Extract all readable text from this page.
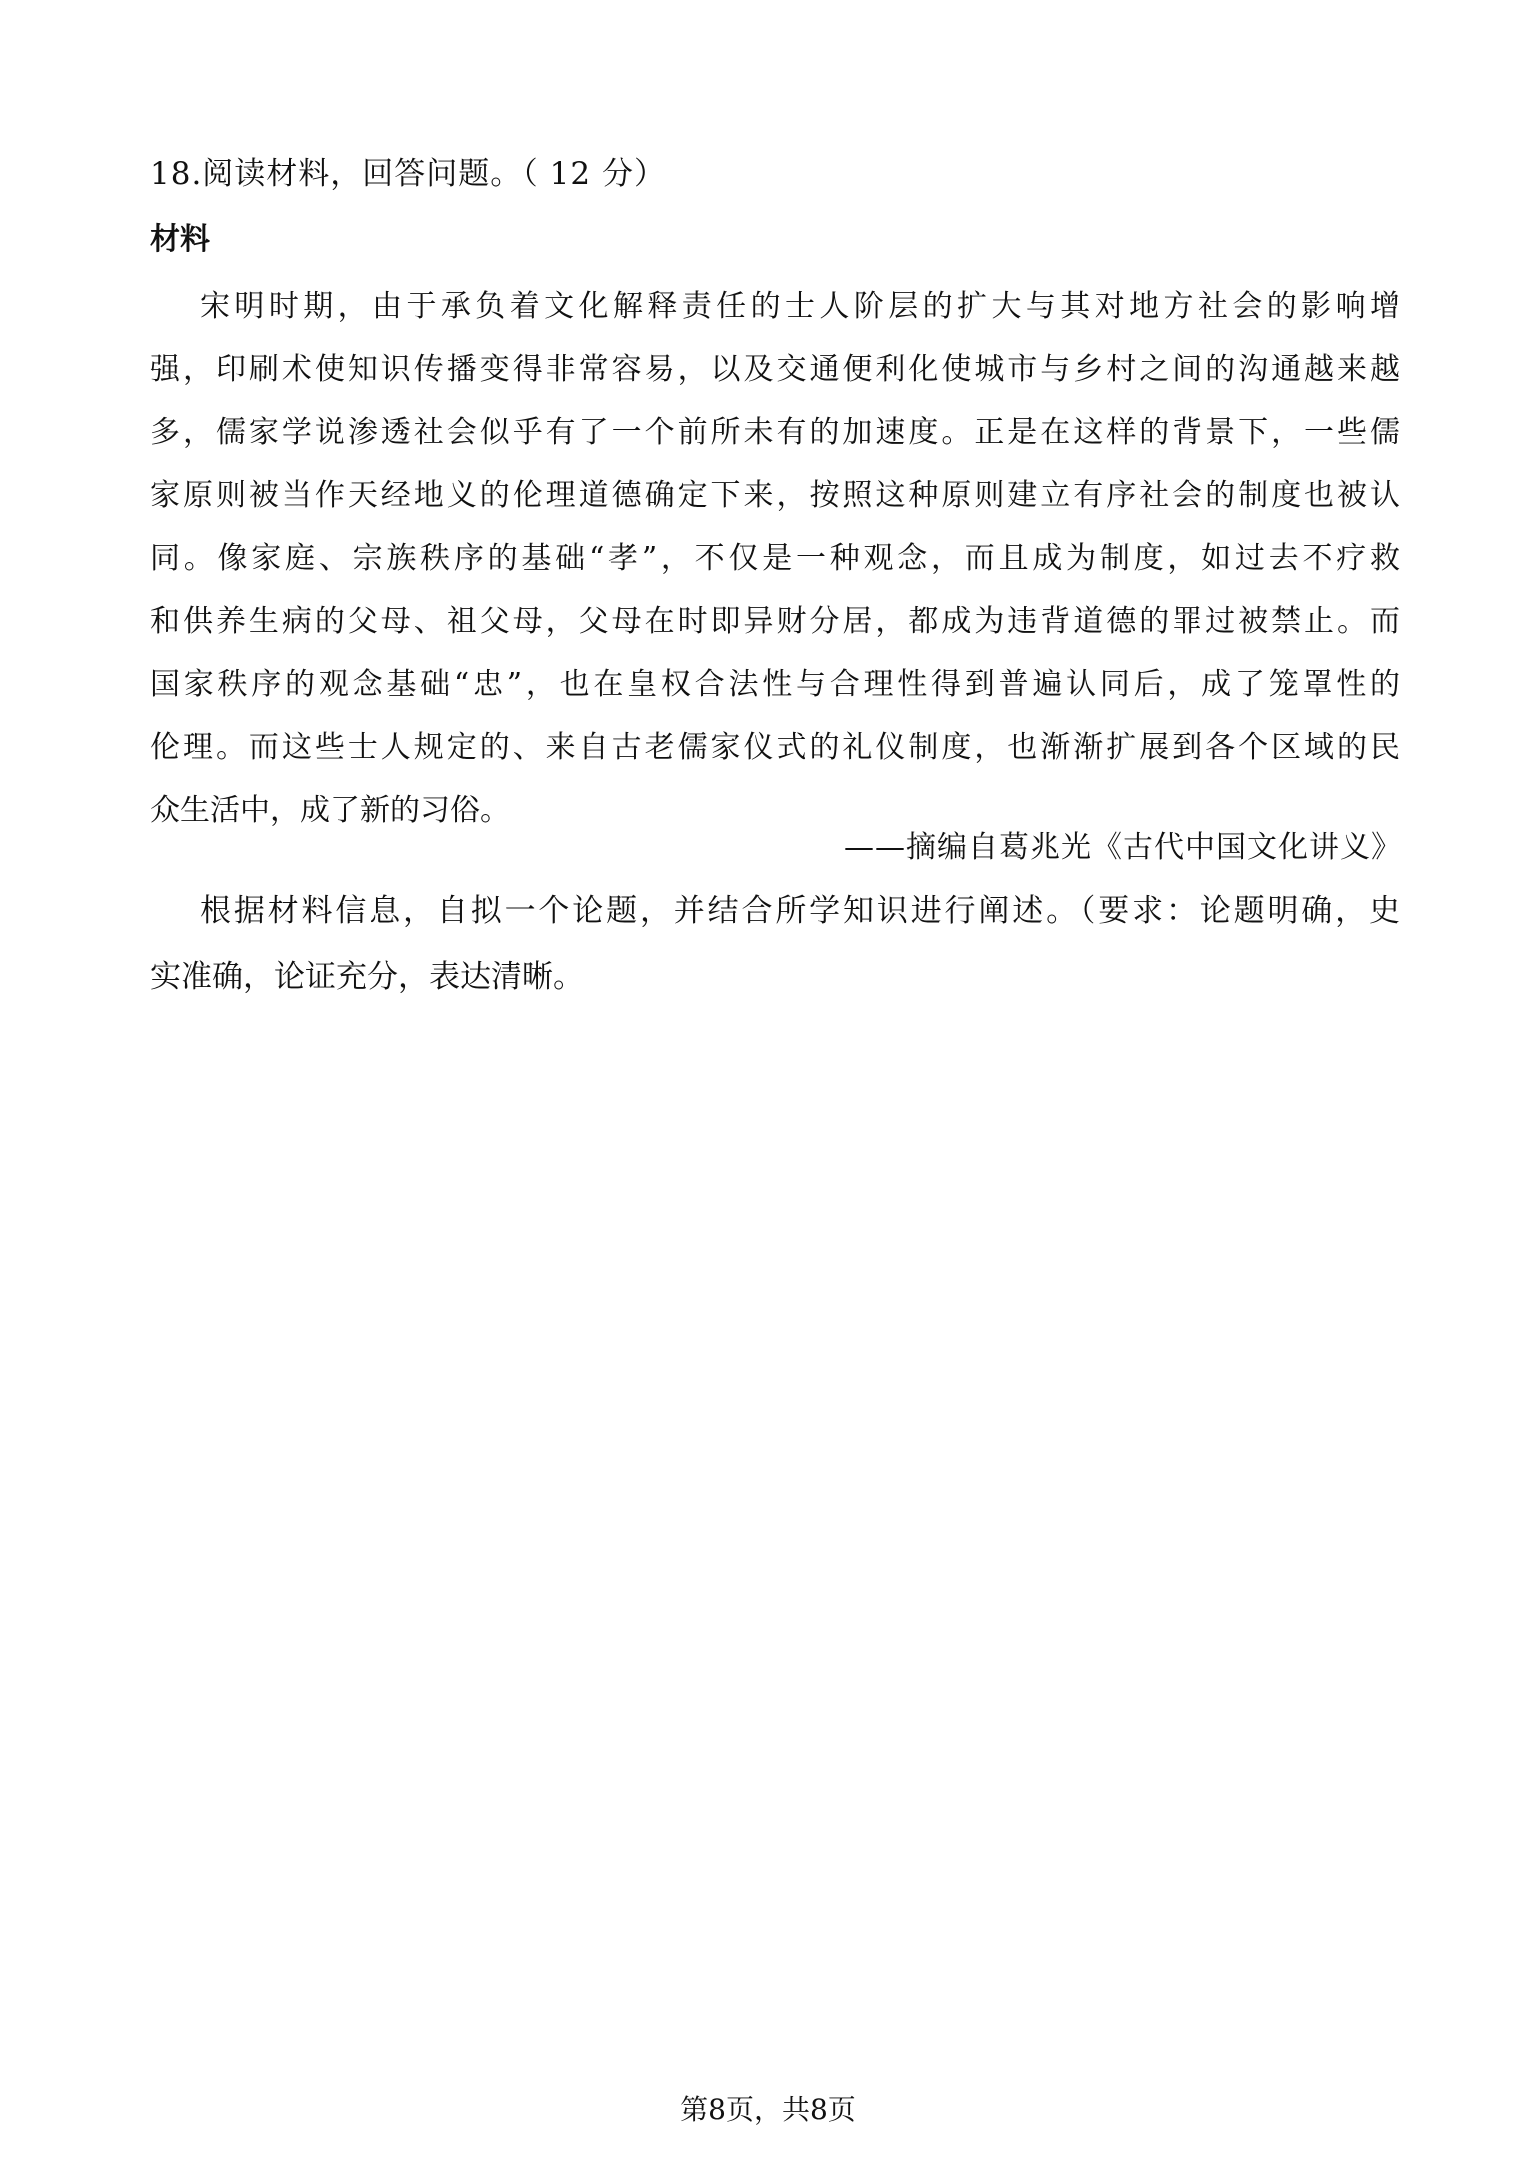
18.阅读材料，回答问题。（ 12 分）
材料
宋明时期，由于承负着文化解释责任的士人阶层的扩大与其对地方社会的影响增
强，印刷术使知识传播变得非常容易，以及交通便利化使城市与乡村之间的沟通越来越
多，儒家学说渗透社会似乎有了一个前所未有的加速度。正是在这样的背景下，一些儒
家原则被当作天经地义的伦理道德确定下来，按照这种原则建立有序社会的制度也被认
同。像家庭、宗族秩序的基础“孝”，不仅是一种观念，而且成为制度，如过去不疗救
和供养生病的父母、祖父母，父母在时即异财分居，都成为违背道德的罪过被禁止。而
国家秩序的观念基础“忠”，也在皇权合法性与合理性得到普遍认同后，成了笼罩性的
伦理。而这些士人规定的、来自古老儒家仪式的礼仪制度，也渐渐扩展到各个区域的民
众生活中，成了新的习俗。
——摘编自葛兆光《古代中国文化讲义》
根据材料信息，自拟一个论题，并结合所学知识进行阐述。（要求：论题明确，史
实准确，论证充分，表达清晰。
第8页，共8页
